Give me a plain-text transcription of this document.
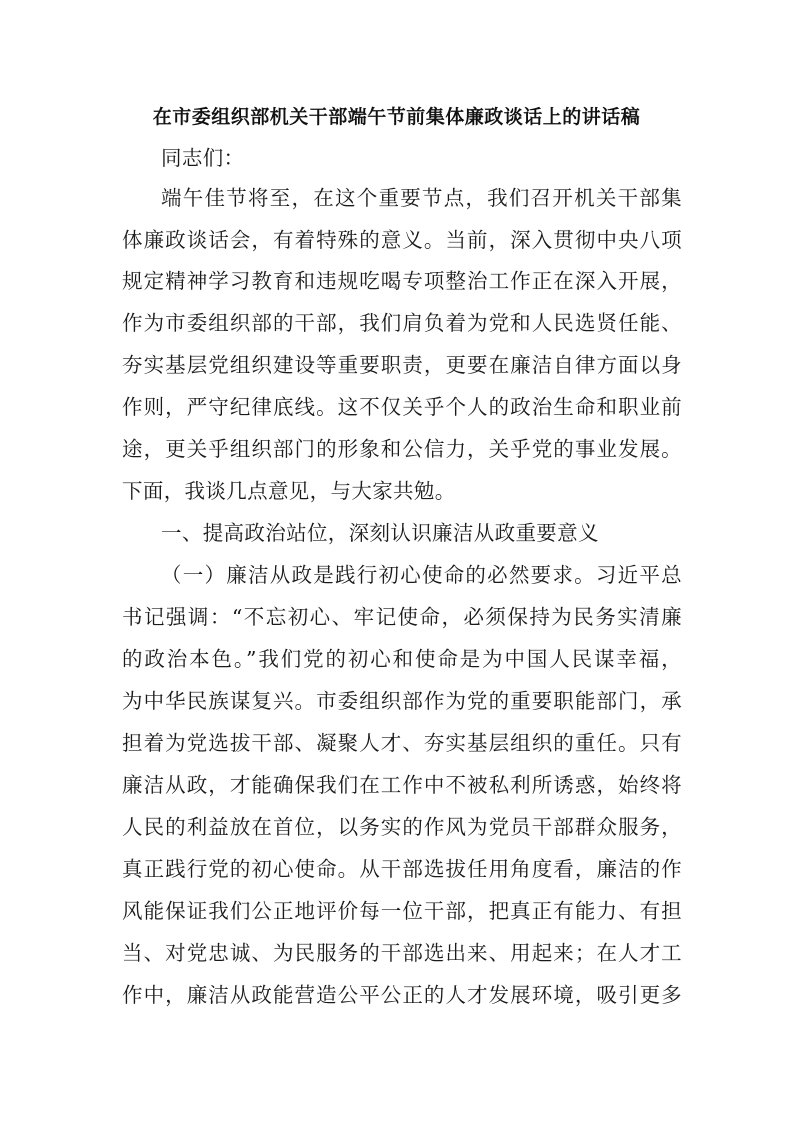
在市委组织部机关干部端午节前集体廉政谈话上的讲话稿
同志们：
端午佳节将至，在这个重要节点，我们召开机关干部集
体廉政谈话会，有着特殊的意义。当前，深入贯彻中央八项
规定精神学习教育和违规吃喝专项整治工作正在深入开展，
作为市委组织部的干部，我们肩负着为党和人民选贤任能、
夯实基层党组织建设等重要职责，更要在廉洁自律方面以身
作则，严守纪律底线。这不仅关乎个人的政治生命和职业前
途，更关乎组织部门的形象和公信力，关乎党的事业发展。
下面，我谈几点意见，与大家共勉。
一、提高政治站位，深刻认识廉洁从政重要意义
（一）廉洁从政是践行初心使命的必然要求。习近平总
书记强调：“不忘初心、牢记使命，必须保持为民务实清廉
的政治本色。”我们党的初心和使命是为中国人民谋幸福，
为中华民族谋复兴。市委组织部作为党的重要职能部门，承
担着为党选拔干部、凝聚人才、夯实基层组织的重任。只有
廉洁从政，才能确保我们在工作中不被私利所诱惑，始终将
人民的利益放在首位，以务实的作风为党员干部群众服务，
真正践行党的初心使命。从干部选拔任用角度看，廉洁的作
风能保证我们公正地评价每一位干部，把真正有能力、有担
当、对党忠诚、为民服务的干部选出来、用起来；在人才工
作中，廉洁从政能营造公平公正的人才发展环境，吸引更多
